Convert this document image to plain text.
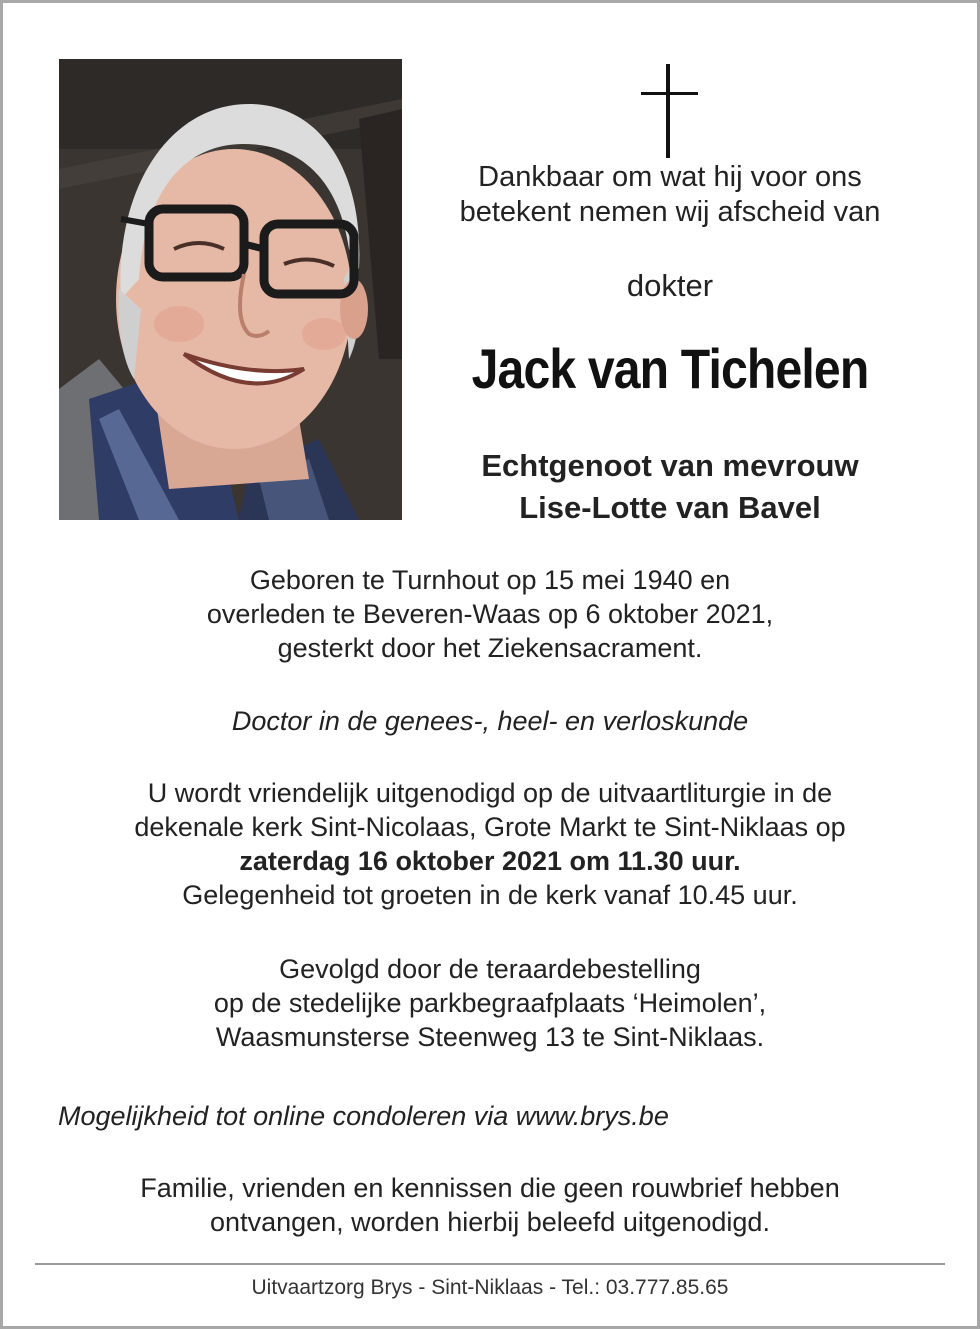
Dankbaar om wat hij voor ons
betekent nemen wij afscheid van
dokter
Jack van Tichelen
Echtgenoot van mevrouw
Lise-Lotte van Bavel
Geboren te Turnhout op 15 mei 1940 en
overleden te Beveren-Waas op 6 oktober 2021,
gesterkt door het Ziekensacrament.
Doctor in de genees-, heel- en verloskunde
U wordt vriendelijk uitgenodigd op de uitvaartliturgie in de
dekenale kerk Sint-Nicolaas, Grote Markt te Sint-Niklaas op
zaterdag 16 oktober 2021 om 11.30 uur.
Gelegenheid tot groeten in de kerk vanaf 10.45 uur.
Gevolgd door de teraardebestelling
op de stedelijke parkbegraafplaats ‘Heimolen’,
Waasmunsterse Steenweg 13 te Sint-Niklaas.
Mogelijkheid tot online condoleren via www.brys.be
Familie, vrienden en kennissen die geen rouwbrief hebben
ontvangen, worden hierbij beleefd uitgenodigd.
Uitvaartzorg Brys - Sint-Niklaas - Tel.: 03.777.85.65
